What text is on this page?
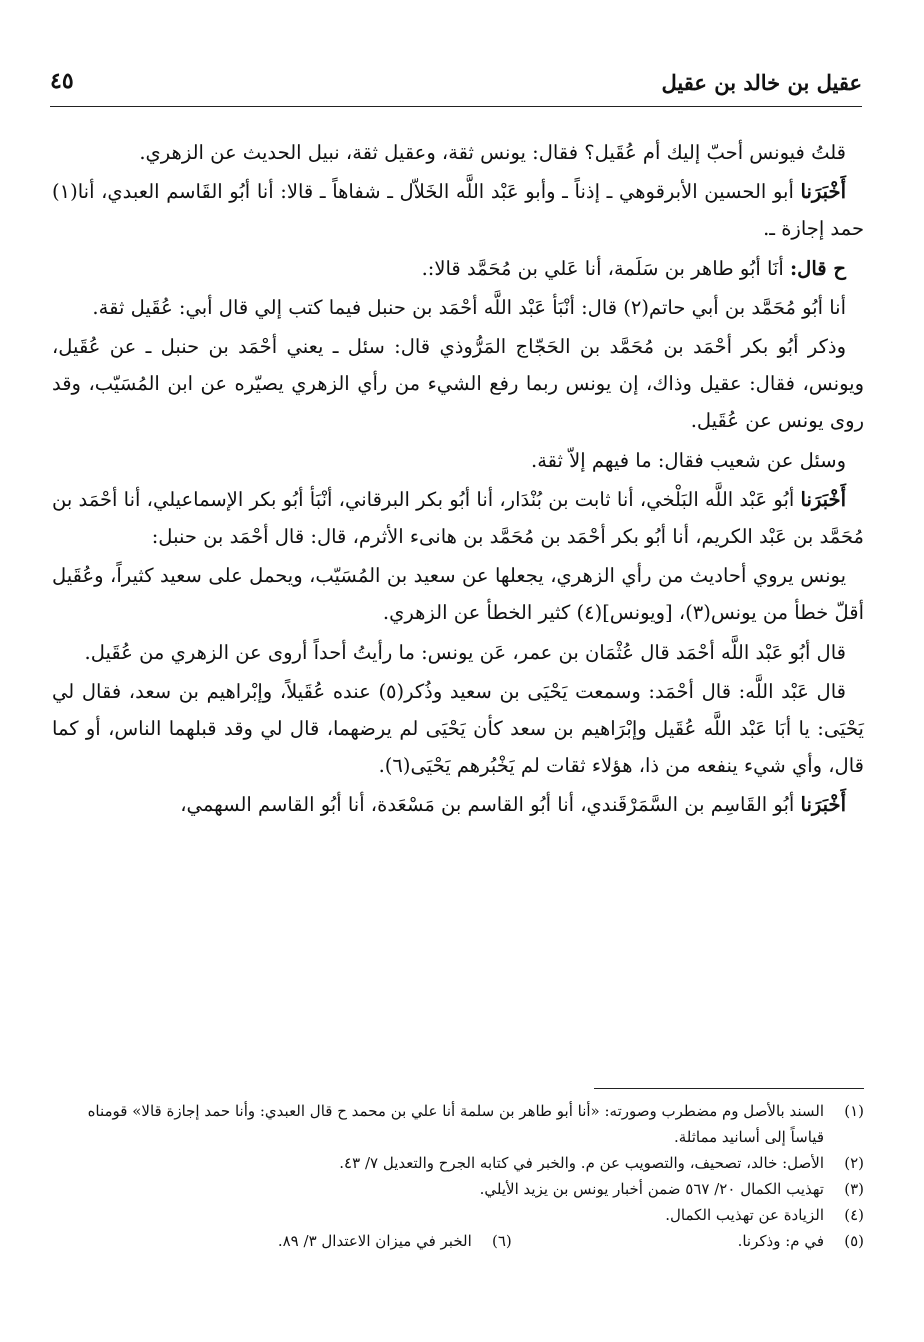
عقيل بن خالد بن عقيل
٤٥

قلتُ فيونس أحبّ إليك أم عُقَيل؟ فقال: يونس ثقة، وعقيل ثقة، نبيل الحديث عن الزهري.

أَخْبَرَنا أبو الحسين الأبرقوهي ـ إذناً ـ وأبو عَبْد اللَّه الخَلاّل ـ شفاهاً ـ قالا: أنا أبُو القَاسم العبدي، أنا(١) حمد إجازة ـ.

ح قال: أنَا أبُو طاهر بن سَلَمة، أنا عَلي بن مُحَمَّد قالا:.

أنا أبُو مُحَمَّد بن أبي حاتم(٢) قال: أنْبَأ عَبْد اللَّه أحْمَد بن حنبل فيما كتب إلي قال أبي: عُقَيل ثقة.

وذكر أبُو بكر أحْمَد بن مُحَمَّد بن الحَجّاج المَرُّوذي قال: سئل ـ يعني أحْمَد بن حنبل ـ عن عُقَيل، ويونس، فقال: عقيل وذاك، إن يونس ربما رفع الشيء من رأي الزهري يصيّره عن ابن المُسَيّب، وقد روى يونس عن عُقَيل.

وسئل عن شعيب فقال: ما فيهم إلاّ ثقة.

أَخْبَرَنا أبُو عَبْد اللَّه البَلْخي، أنا ثابت بن بُنْدَار، أنا أبُو بكر البرقاني، أنْبَأ أبُو بكر الإسماعيلي، أنا أحْمَد بن مُحَمَّد بن عَبْد الكريم، أنا أبُو بكر أحْمَد بن مُحَمَّد بن هانىء الأثرم، قال: قال أحْمَد بن حنبل:

يونس يروي أحاديث من رأي الزهري، يجعلها عن سعيد بن المُسَيّب، ويحمل على سعيد كثيراً، وعُقَيل أقلّ خطأ من يونس(٣)، [ويونس](٤) كثير الخطأ عن الزهري.

قال أبُو عَبْد اللَّه أحْمَد قال عُثْمَان بن عمر، عَن يونس: ما رأيتُ أحداً أروى عن الزهري من عُقَيل.

قال عَبْد اللَّه: قال أحْمَد: وسمعت يَحْيَى بن سعيد وذُكر(٥) عنده عُقَيلاً، وإبْراهيم بن سعد، فقال لي يَحْيَى: يا أبَا عَبْد اللَّه عُقَيل وإبْرَاهيم بن سعد كأن يَحْيَى لم يرضهما، قال لي وقد قبلهما الناس، أو كما قال، وأي شيء ينفعه من ذا، هؤلاء ثقات لم يَخْبُرهم يَحْيَى(٦).

أَخْبَرَنا أبُو القَاسِم بن السَّمَرْقَندي، أنا أبُو القاسم بن مَسْعَدة، أنا أبُو القاسم السهمي،

(١)
السند بالأصل وم مضطرب وصورته: «أنا أبو طاهر بن سلمة أنا علي بن محمد ح قال العبدي: وأنا حمد إجازة قالا» قومناه قياساً إلى أسانيد مماثلة.
(٢)
الأصل: خالد، تصحيف، والتصويب عن م. والخبر في كتابه الجرح والتعديل ٧/ ٤٣.
(٣)
تهذيب الكمال ٢٠/ ٥٦٧ ضمن أخبار يونس بن يزيد الأيلي.
(٤)
الزيادة عن تهذيب الكمال.
(٥)
في م: وذكرنا.
(٦)
الخبر في ميزان الاعتدال ٣/ ٨٩.
